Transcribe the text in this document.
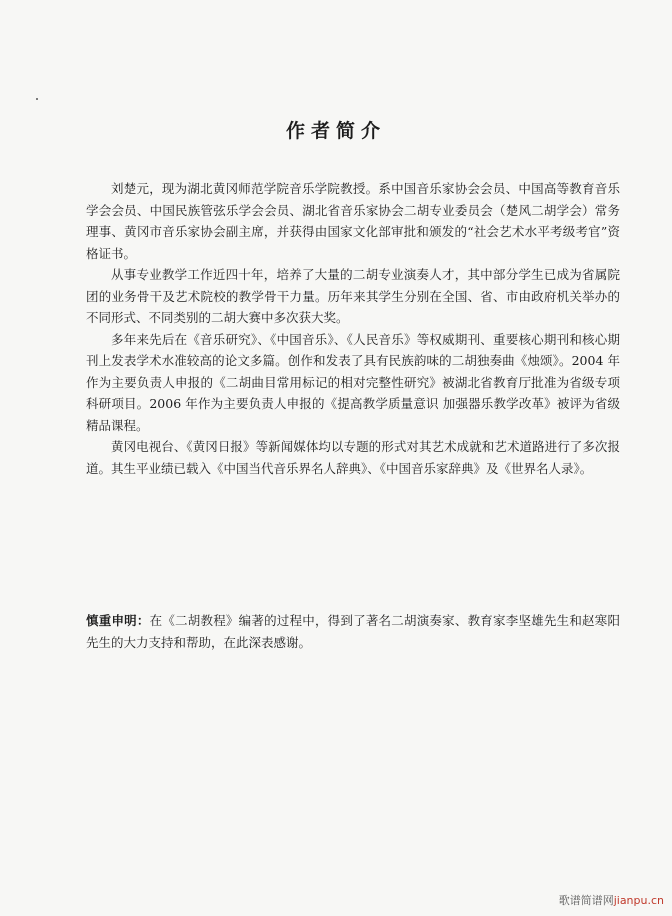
作者简介

刘楚元，现为湖北黄冈师范学院音乐学院教授。系中国音乐家协会会员、中国高等教育音乐学会会员、中国民族管弦乐学会会员、湖北省音乐家协会二胡专业委员会（楚风二胡学会）常务理事、黄冈市音乐家协会副主席，并获得由国家文化部审批和颁发的“社会艺术水平考级考官”资格证书。

从事专业教学工作近四十年，培养了大量的二胡专业演奏人才，其中部分学生已成为省属院团的业务骨干及艺术院校的教学骨干力量。历年来其学生分别在全国、省、市由政府机关举办的不同形式、不同类别的二胡大赛中多次获大奖。

多年来先后在《音乐研究》、《中国音乐》、《人民音乐》等权威期刊、重要核心期刊和核心期刊上发表学术水准较高的论文多篇。创作和发表了具有民族韵味的二胡独奏曲《烛颂》。2004 年作为主要负责人申报的《二胡曲目常用标记的相对完整性研究》被湖北省教育厅批准为省级专项科研项目。2006 年作为主要负责人申报的《提高教学质量意识 加强器乐教学改革》被评为省级精品课程。

黄冈电视台、《黄冈日报》等新闻媒体均以专题的形式对其艺术成就和艺术道路进行了多次报道。其生平业绩已载入《中国当代音乐界名人辞典》、《中国音乐家辞典》及《世界名人录》。

慎重申明：在《二胡教程》编著的过程中，得到了著名二胡演奏家、教育家李坚雄先生和赵寒阳先生的大力支持和帮助，在此深表感谢。

歌谱简谱网jianpu.cn
